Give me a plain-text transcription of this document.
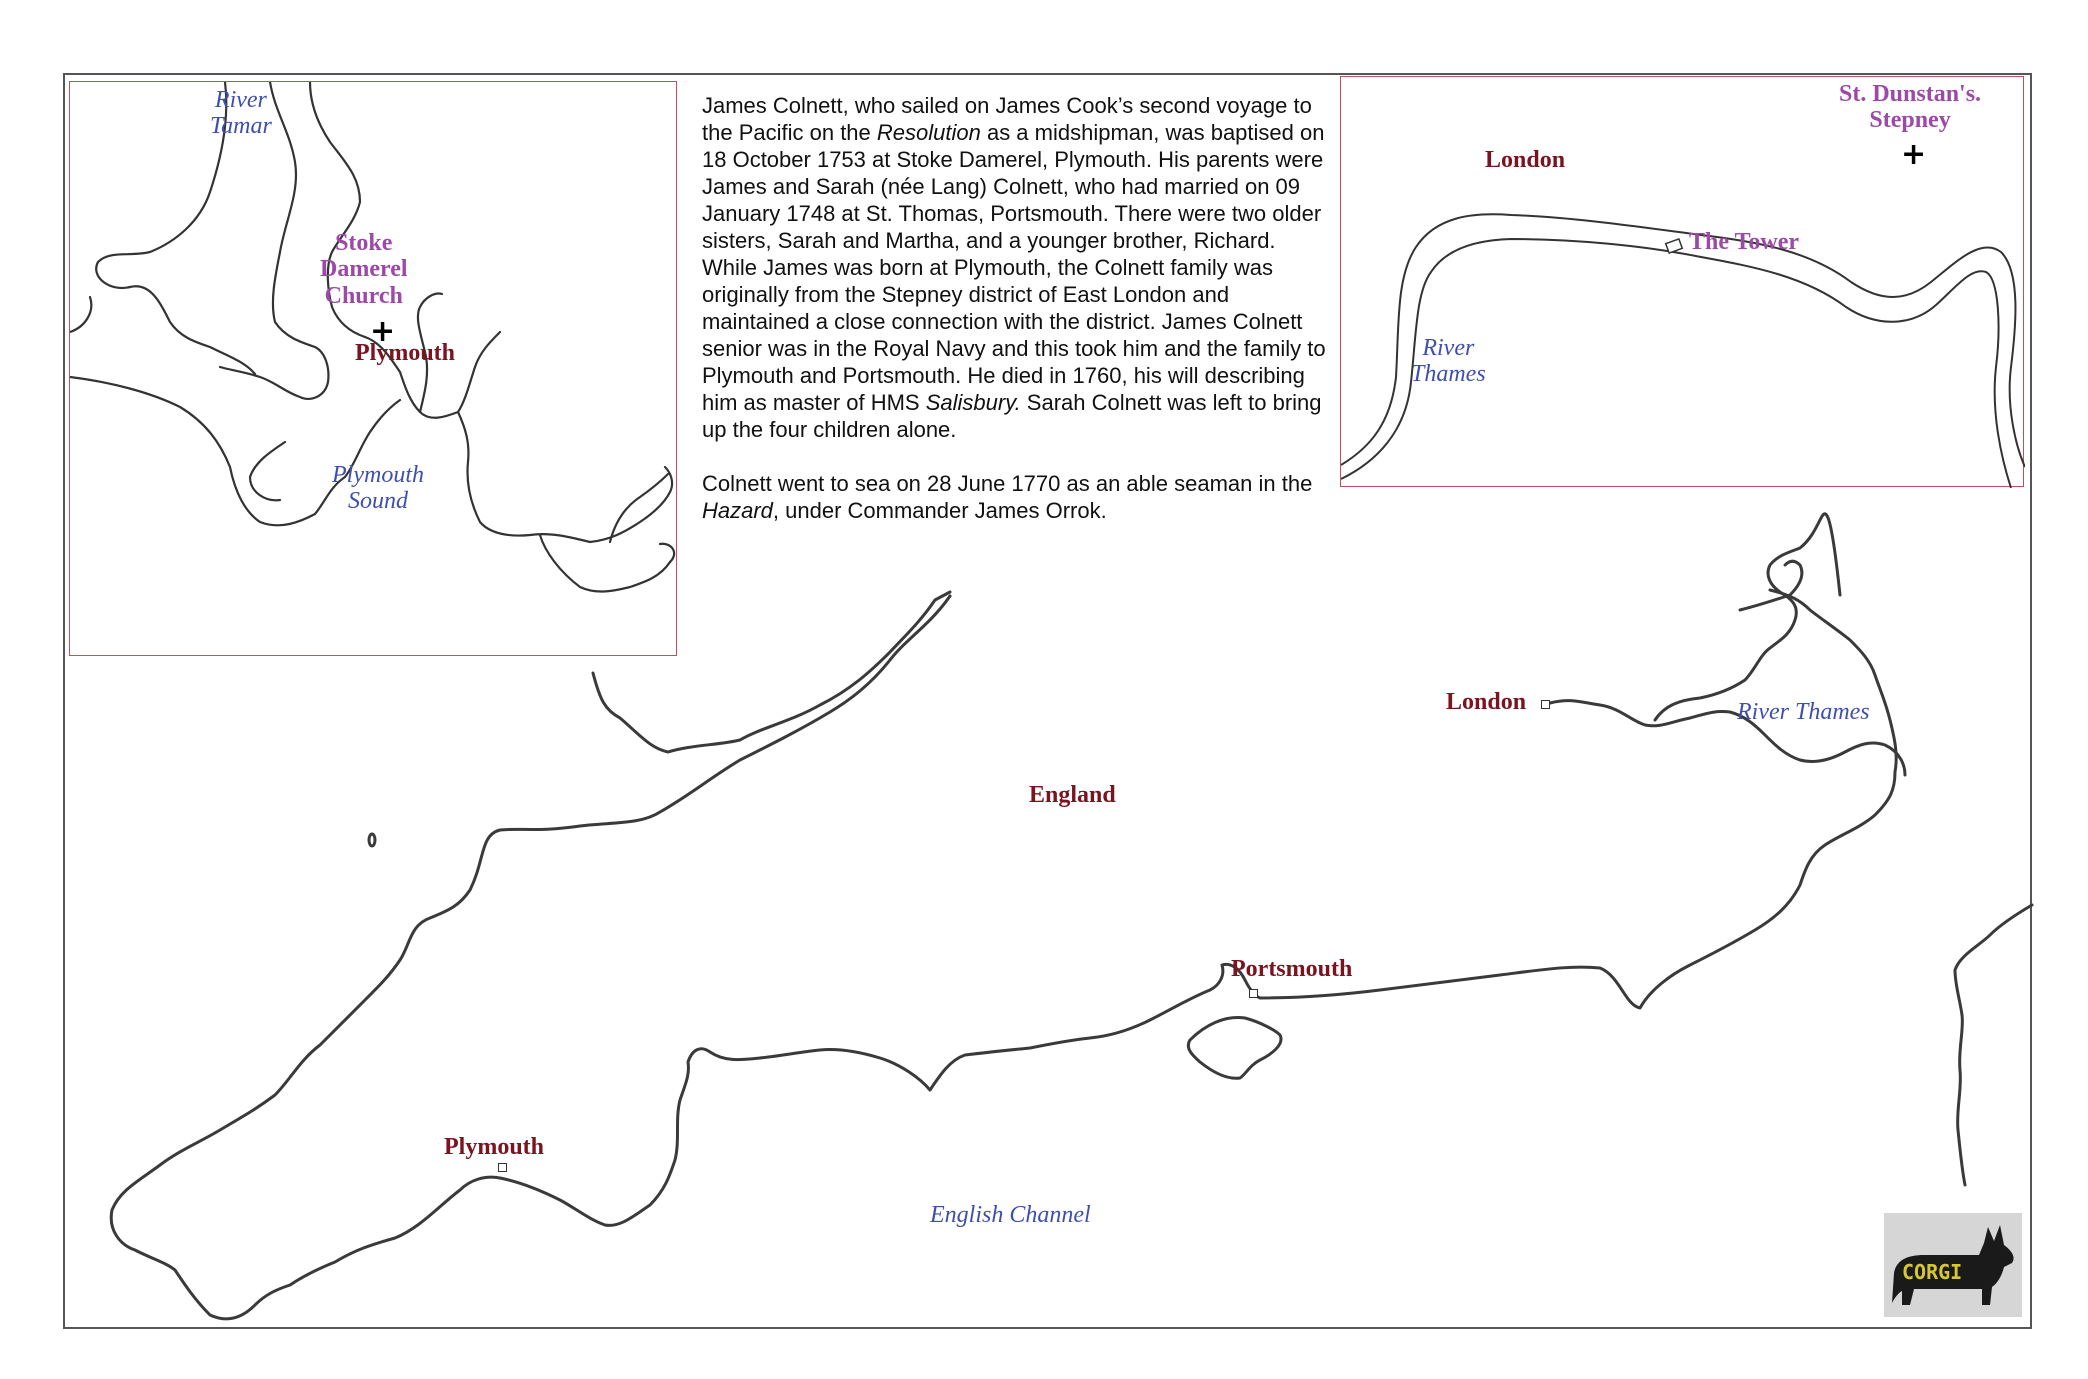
River
Tamar
Stoke
Damerel
Church
+
Plymouth
Plymouth
Sound

James Colnett, who sailed on James Cook’s second voyage to the Pacific on the Resolution as a midshipman, was baptised on 18 October 1753 at Stoke Damerel, Plymouth. His parents were James and Sarah (née Lang) Colnett, who had married on 09 January 1748 at St. Thomas, Portsmouth. There were two older sisters, Sarah and Martha, and a younger brother, Richard. While James was born at Plymouth, the Colnett family was originally from the Stepney district of East London and maintained a close connection with the district. James Colnett senior was in the Royal Navy and this took him and the family to Plymouth and Portsmouth. He died in 1760, his will describing him as master of HMS Salisbury. Sarah Colnett was left to bring up the four children alone.

Colnett went to sea on 28 June 1770 as an able seaman in the Hazard, under Commander James Orrok.

London
St. Dunstan's.
Stepney
+
The Tower
River
Thames
London	River Thames
England
Portsmouth
Plymouth
English Channel
CORGI
